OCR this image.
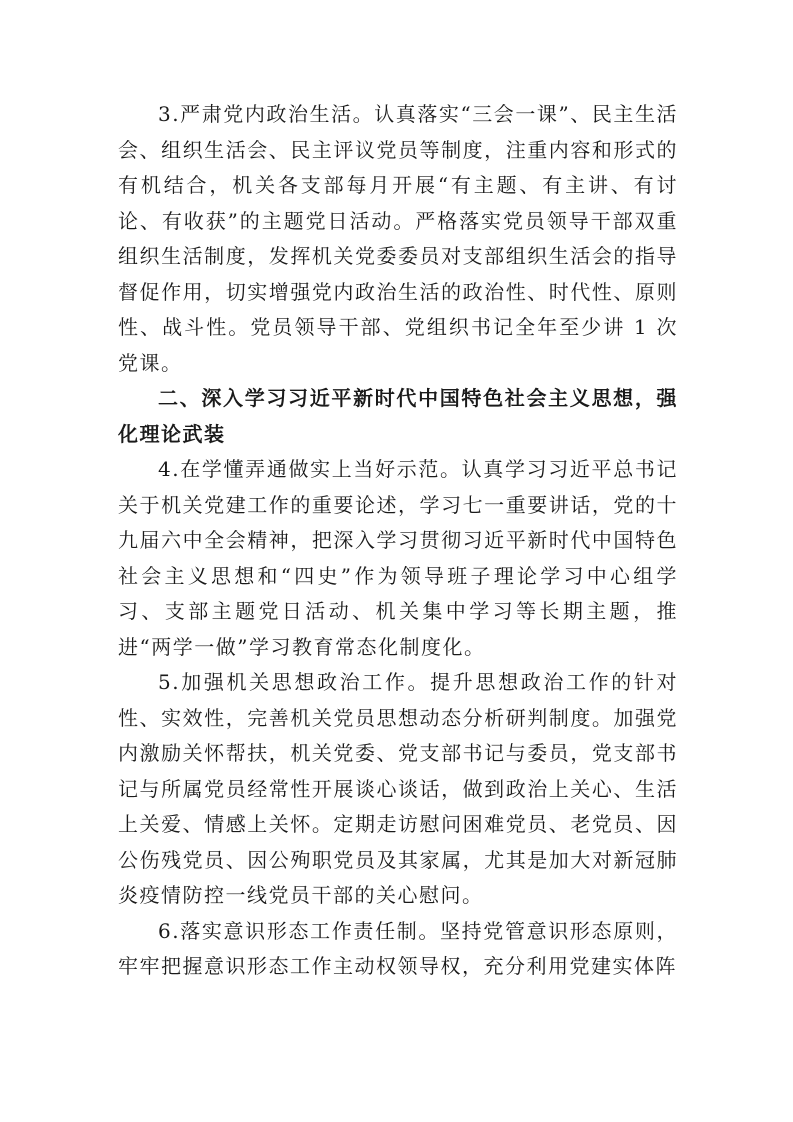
3.严肃党内政治生活。认真落实“三会一课”、民主生活会、组织生活会、民主评议党员等制度，注重内容和形式的有机结合，机关各支部每月开展“有主题、有主讲、有讨论、有收获”的主题党日活动。严格落实党员领导干部双重组织生活制度，发挥机关党委委员对支部组织生活会的指导督促作用，切实增强党内政治生活的政治性、时代性、原则性、战斗性。党员领导干部、党组织书记全年至少讲 1 次党课。

二、深入学习习近平新时代中国特色社会主义思想，强化理论武装

4.在学懂弄通做实上当好示范。认真学习习近平总书记关于机关党建工作的重要论述，学习七一重要讲话，党的十九届六中全会精神，把深入学习贯彻习近平新时代中国特色社会主义思想和“四史”作为领导班子理论学习中心组学习、支部主题党日活动、机关集中学习等长期主题，推进“两学一做”学习教育常态化制度化。

5.加强机关思想政治工作。提升思想政治工作的针对性、实效性，完善机关党员思想动态分析研判制度。加强党内激励关怀帮扶，机关党委、党支部书记与委员，党支部书记与所属党员经常性开展谈心谈话，做到政治上关心、生活上关爱、情感上关怀。定期走访慰问困难党员、老党员、因公伤残党员、因公殉职党员及其家属，尤其是加大对新冠肺炎疫情防控一线党员干部的关心慰问。

6.落实意识形态工作责任制。坚持党管意识形态原则，牢牢把握意识形态工作主动权领导权，充分利用党建实体阵
